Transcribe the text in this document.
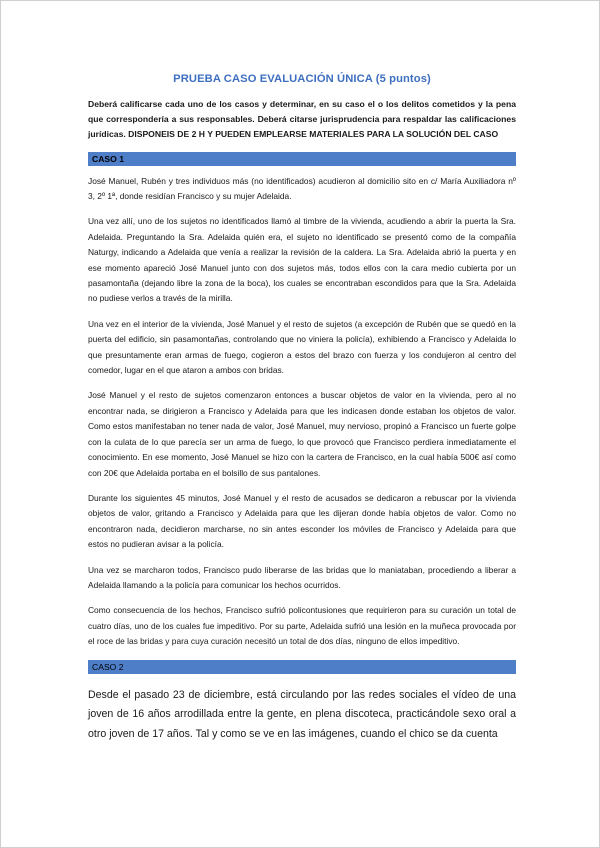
PRUEBA CASO EVALUACIÓN ÚNICA (5 puntos)
Deberá calificarse cada uno de los casos y determinar, en su caso el o los delitos cometidos y la pena que correspondería a sus responsables. Deberá citarse jurisprudencia para respaldar las calificaciones jurídicas. DISPONEIS DE 2 H Y PUEDEN EMPLEARSE MATERIALES PARA LA SOLUCIÓN DEL CASO
CASO 1

José Manuel, Rubén y tres individuos más (no identificados) acudieron al domicilio sito en c/ María Auxiliadora nº 3, 2º 1ª, donde residían Francisco y su mujer Adelaida.

Una vez allí, uno de los sujetos no identificados llamó al timbre de la vivienda, acudiendo a abrir la puerta la Sra. Adelaida. Preguntando la Sra. Adelaida quién era, el sujeto no identificado se presentó como de la compañía Naturgy, indicando a Adelaida que venía a realizar la revisión de la caldera. La Sra. Adelaida abrió la puerta y en ese momento apareció José Manuel junto con dos sujetos más, todos ellos con la cara medio cubierta por un pasamontaña (dejando libre la zona de la boca), los cuales se encontraban escondidos para que la Sra. Adelaida no pudiese verlos a través de la mirilla.

Una vez en el interior de la vivienda, José Manuel y el resto de sujetos (a excepción de Rubén que se quedó en la puerta del edificio, sin pasamontañas, controlando que no viniera la policía), exhibiendo a Francisco y Adelaida lo que presuntamente eran armas de fuego, cogieron a estos del brazo con fuerza y los condujeron al centro del comedor, lugar en el que ataron a ambos con bridas.

José Manuel y el resto de sujetos comenzaron entonces a buscar objetos de valor en la vivienda, pero al no encontrar nada, se dirigieron a Francisco y Adelaida para que les indicasen donde estaban los objetos de valor. Como estos manifestaban no tener nada de valor, José Manuel, muy nervioso, propinó a Francisco un fuerte golpe con la culata de lo que parecía ser un arma de fuego, lo que provocó que Francisco perdiera inmediatamente el conocimiento. En ese momento, José Manuel se hizo con la cartera de Francisco, en la cual había 500€ así como con 20€ que Adelaida portaba en el bolsillo de sus pantalones.

Durante los siguientes 45 minutos, José Manuel y el resto de acusados se dedicaron a rebuscar por la vivienda objetos de valor, gritando a Francisco y Adelaida para que les dijeran donde había objetos de valor. Como no encontraron nada, decidieron marcharse, no sin antes esconder los móviles de Francisco y Adelaida para que estos no pudieran avisar a la policía.

Una vez se marcharon todos, Francisco pudo liberarse de las bridas que lo maniataban, procediendo a liberar a Adelaida llamando a la policía para comunicar los hechos ocurridos.

Como consecuencia de los hechos, Francisco sufrió policontusiones que requirieron para su curación un total de cuatro días, uno de los cuales fue impeditivo. Por su parte, Adelaida sufrió una lesión en la muñeca provocada por el roce de las bridas y para cuya curación necesitó un total de dos días, ninguno de ellos impeditivo.

CASO 2

Desde el pasado 23 de diciembre, está circulando por las redes sociales el vídeo de una joven de 16 años arrodillada entre la gente, en plena discoteca, practicándole sexo oral a otro joven de 17 años. Tal y como se ve en las imágenes, cuando el chico se da cuenta
